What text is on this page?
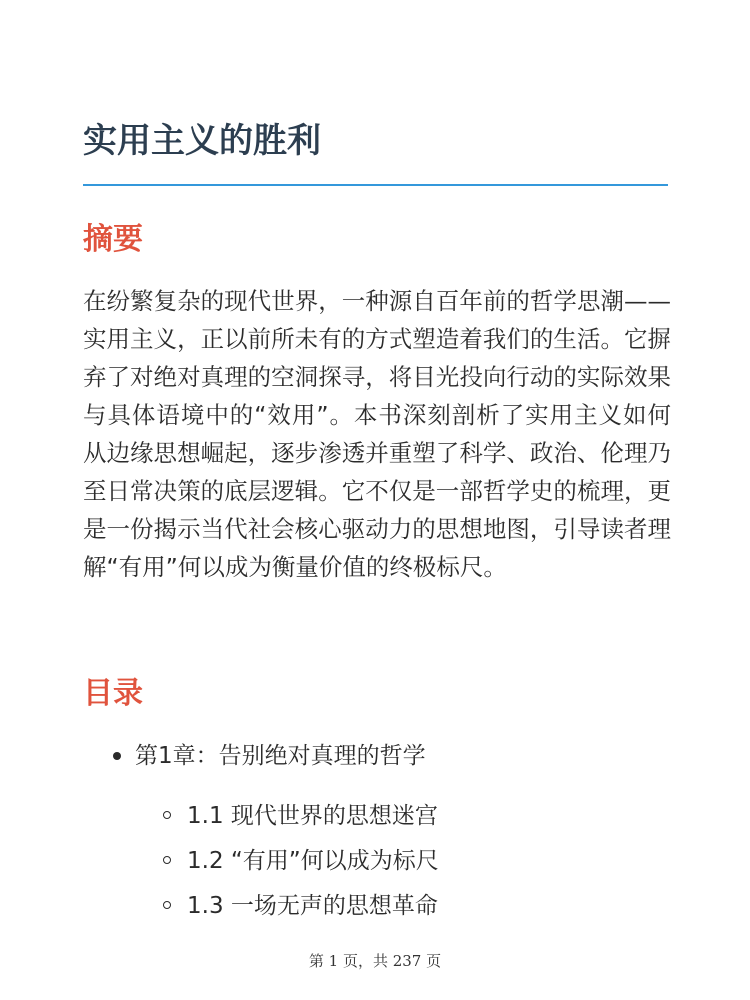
实用主义的胜利
摘要

在纷繁复杂的现代世界，一种源自百年前的哲学思潮——实用主义，正以前所未有的方式塑造着我们的生活。它摒弃了对绝对真理的空洞探寻，将目光投向行动的实际效果与具体语境中的“效用”。本书深刻剖析了实用主义如何从边缘思想崛起，逐步渗透并重塑了科学、政治、伦理乃至日常决策的底层逻辑。它不仅是一部哲学史的梳理，更是一份揭示当代社会核心驱动力的思想地图，引导读者理解“有用”何以成为衡量价值的终极标尺。

目录
第1章：告别绝对真理的哲学
1.1 现代世界的思想迷宫
1.2 “有用”何以成为标尺
1.3 一场无声的思想革命
第 1 页，共 237 页
